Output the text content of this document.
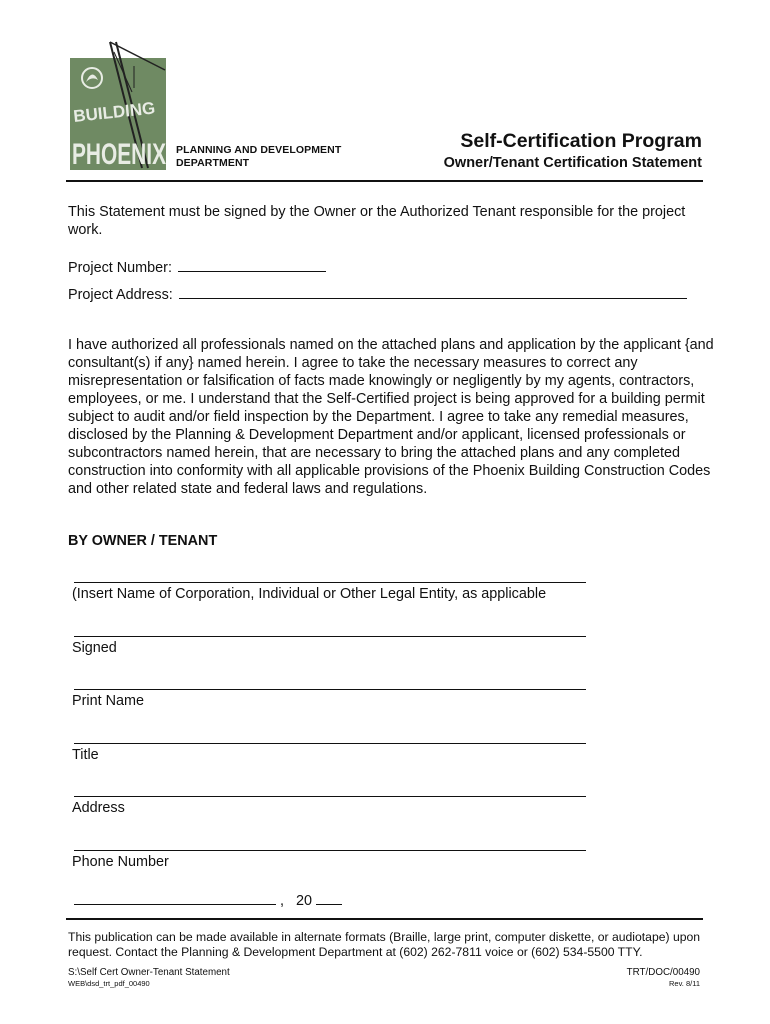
BUILDING
PHOENIX PLANNING AND DEVELOPMENT
DEPARTMENT
Self-Certification Program
Owner/Tenant Certification Statement
This Statement must be signed by the Owner or the Authorized Tenant responsible for the project work.
Project Number:
Project Address:
I have authorized all professionals named on the attached plans and application by the applicant {and consultant(s) if any} named herein. I agree to take the necessary measures to correct any misrepresentation or falsification of facts made knowingly or negligently by my agents, contractors, employees, or me. I understand that the Self-Certified project is being approved for a building permit subject to audit and/or field inspection by the Department. I agree to take any remedial measures, disclosed by the Planning & Development Department and/or applicant, licensed professionals or subcontractors named herein, that are necessary to bring the attached plans and any completed construction into conformity with all applicable provisions of the Phoenix Building Construction Codes and other related state and federal laws and regulations.
BY OWNER / TENANT
(Insert Name of Corporation, Individual or Other Legal Entity, as applicable
Signed
Print Name
Title
Address
Phone Number
, 20
This publication can be made available in alternate formats (Braille, large print, computer diskette, or audiotape) upon request. Contact the Planning & Development Department at (602) 262-7811 voice or (602) 534-5500 TTY.
S:\Self Cert Owner-Tenant Statement
WEB\dsd_trt_pdf_00490
TRT/DOC/00490
Rev. 8/11
